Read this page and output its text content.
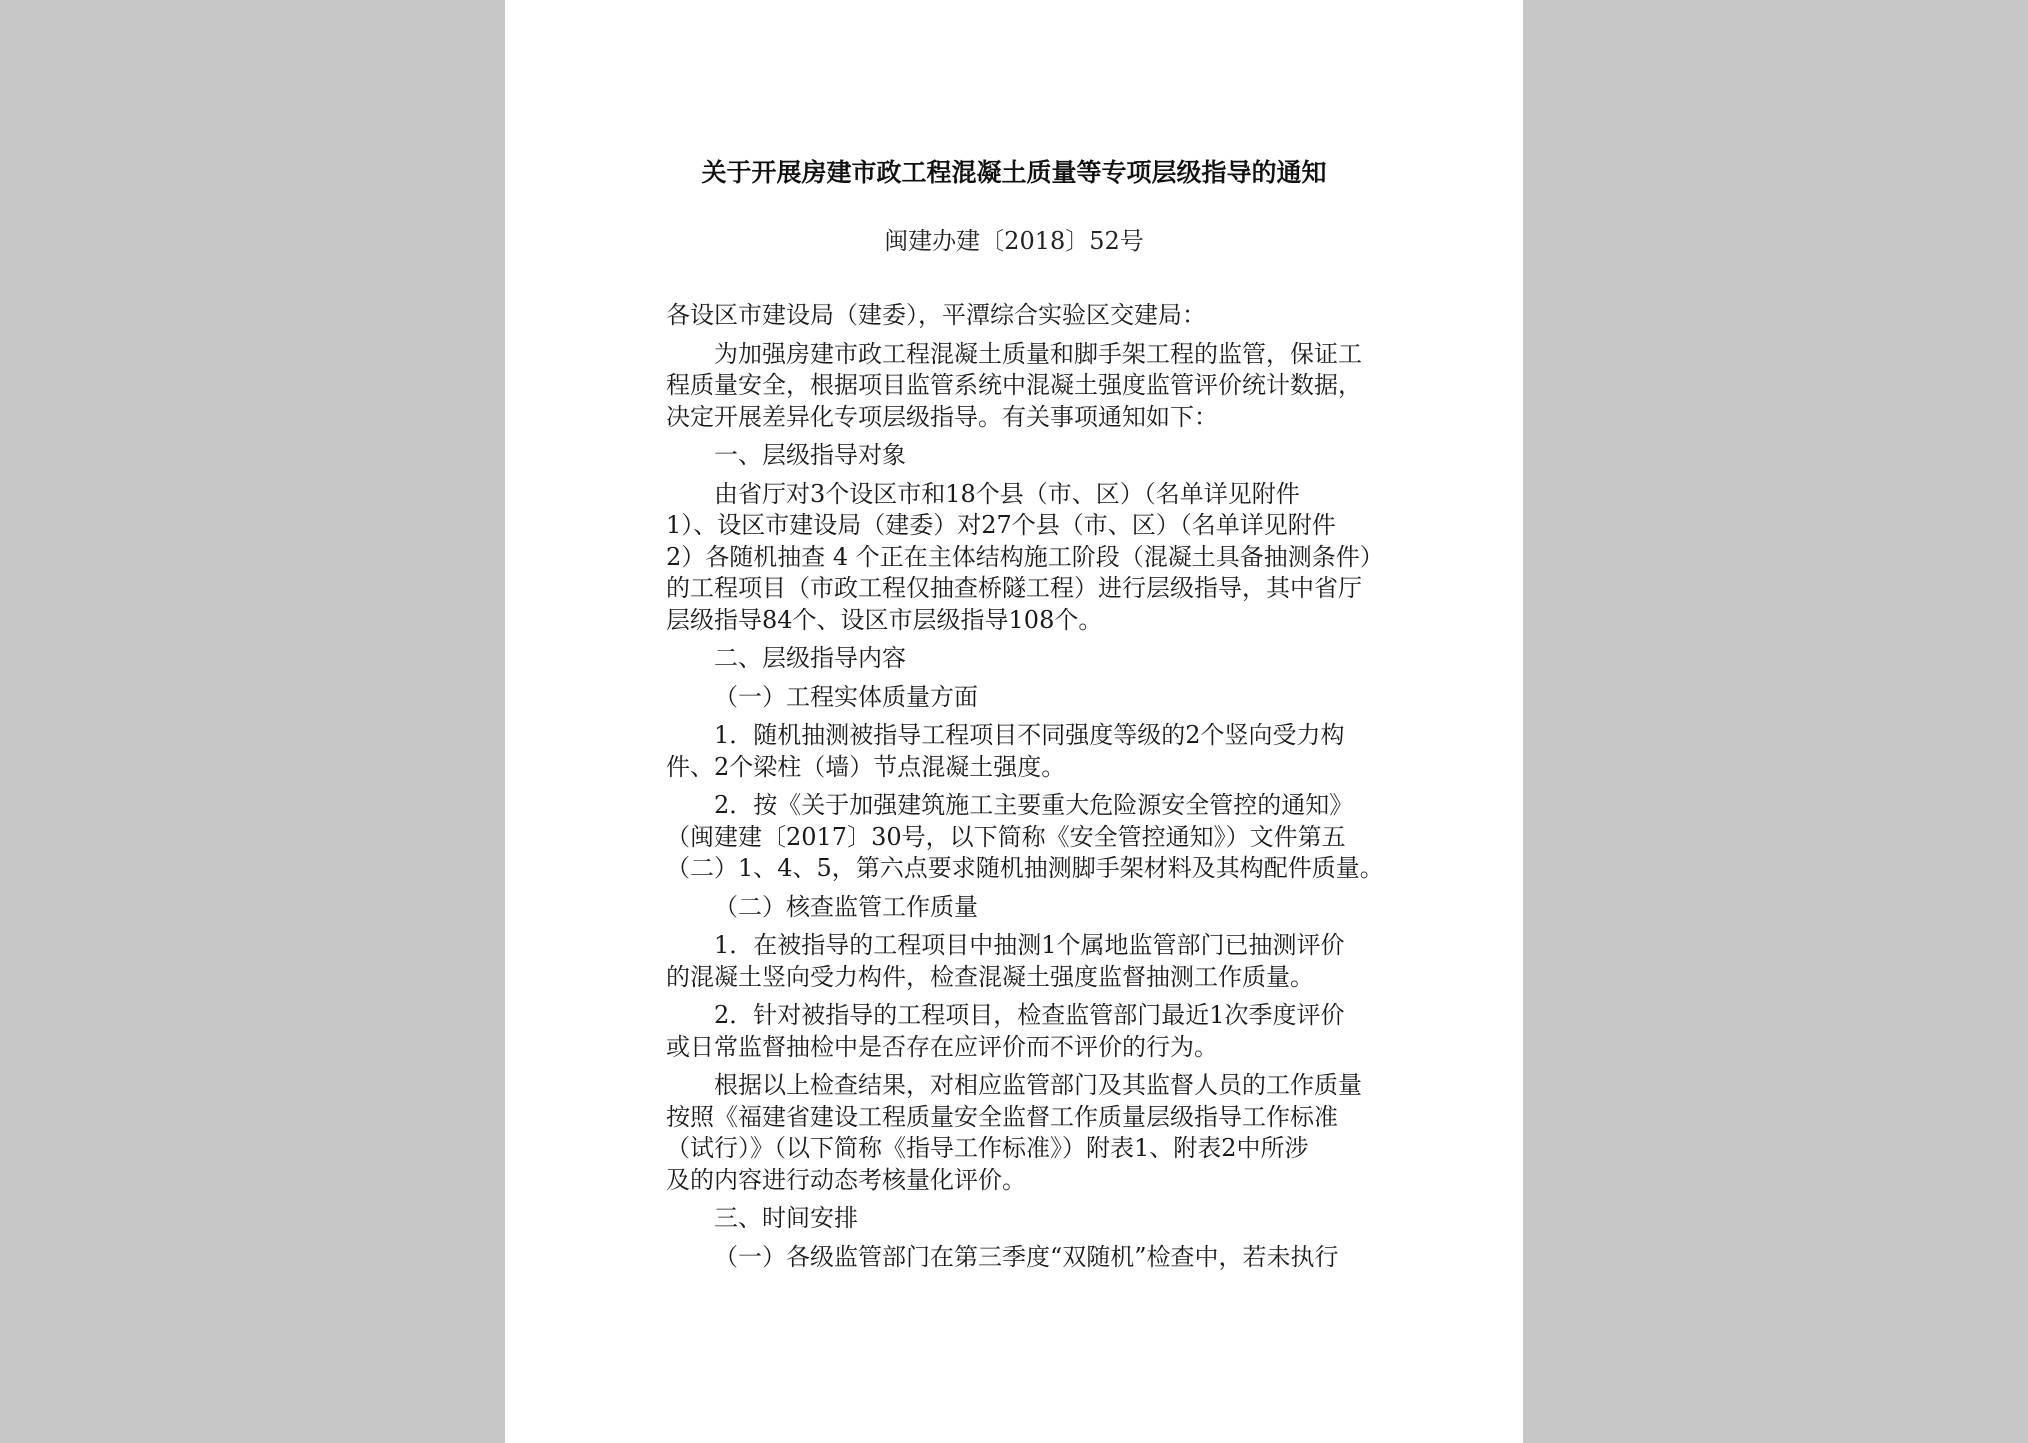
关于开展房建市政工程混凝土质量等专项层级指导的通知
闽建办建〔2018〕52号

各设区市建设局（建委），平潭综合实验区交建局：

为加强房建市政工程混凝土质量和脚手架工程的监管，保证工
程质量安全，根据项目监管系统中混凝土强度监管评价统计数据，
决定开展差异化专项层级指导。有关事项通知如下：

一、层级指导对象

由省厅对3个设区市和18个县（市、区）（名单详见附件
1）、设区市建设局（建委）对27个县（市、区）（名单详见附件
2）各随机抽查 4 个正在主体结构施工阶段（混凝土具备抽测条件）
的工程项目（市政工程仅抽查桥隧工程）进行层级指导，其中省厅
层级指导84个、设区市层级指导108个。

二、层级指导内容

（一）工程实体质量方面

1．随机抽测被指导工程项目不同强度等级的2个竖向受力构
件、2个梁柱（墙）节点混凝土强度。

2．按《关于加强建筑施工主要重大危险源安全管控的通知》
（闽建建〔2017〕30号，以下简称《安全管控通知》）文件第五
（二）1、4、5，第六点要求随机抽测脚手架材料及其构配件质量。

（二）核查监管工作质量

1．在被指导的工程项目中抽测1个属地监管部门已抽测评价
的混凝土竖向受力构件，检查混凝土强度监督抽测工作质量。

2．针对被指导的工程项目，检查监管部门最近1次季度评价
或日常监督抽检中是否存在应评价而不评价的行为。

根据以上检查结果，对相应监管部门及其监督人员的工作质量
按照《福建省建设工程质量安全监督工作质量层级指导工作标准
（试行）》（以下简称《指导工作标准》）附表1、附表2中所涉
及的内容进行动态考核量化评价。

三、时间安排

（一）各级监管部门在第三季度“双随机”检查中，若未执行
